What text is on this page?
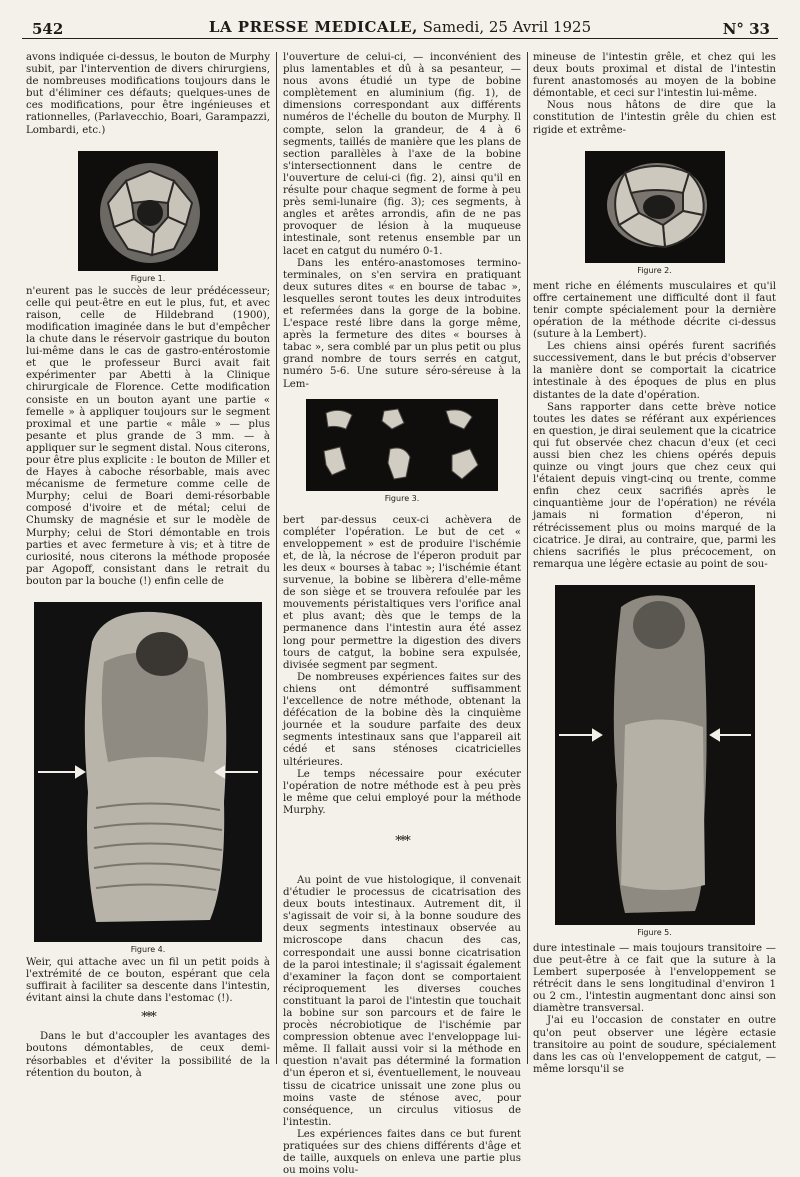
542	LA PRESSE MEDICALE, Samedi, 25 Avril 1925	N° 33

avons indiquée ci-dessus, le bouton de Murphy subit, par l'intervention de divers chirurgiens, de nombreuses modifications toujours dans le but d'éliminer ces défauts; quelques-unes de ces modifications, pour être ingénieuses et rationnelles, (Parlavecchio, Boari, Garampazzi, Lombardi, etc.)

Figure 1.

n'eurent pas le succès de leur prédécesseur; celle qui peut-être en eut le plus, fut, et avec raison, celle de Hildebrand (1900), modification imaginée dans le but d'empêcher la chute dans le réservoir gastrique du bouton lui-même dans le cas de gastro-entérostomie et que le professeur Burci avait fait expérimenter par Abetti à la Clinique chirurgicale de Florence. Cette modification consiste en un bouton ayant une partie « femelle » à appliquer toujours sur le segment proximal et une partie « mâle » — plus pesante et plus grande de 3 mm. — à appliquer sur le segment distal. Nous citerons, pour être plus explicite : le bouton de Miller et de Hayes à caboche résorbable, mais avec mécanisme de fermeture comme celle de Murphy; celui de Boari demi-résorbable composé d'ivoire et de métal; celui de Chumsky de magnésie et sur le modèle de Murphy; celui de Stori démontable en trois parties et avec fermeture à vis; et à titre de curiosité, nous citerons la méthode proposée par Agopoff, consistant dans le retrait du bouton par la bouche (!) enfin celle de

Figure 4.

Weir, qui attache avec un fil un petit poids à l'extrémité de ce bouton, espérant que cela suffirait à faciliter sa descente dans l'intestin, évitant ainsi la chute dans l'estomac (!).

***

Dans le but d'accoupler les avantages des boutons démontables, de ceux demi-résorbables et d'éviter la possibilité de la rétention du bouton, à

l'ouverture de celui-ci, — inconvénient des plus lamentables et dû à sa pesanteur, — nous avons étudié un type de bobine complètement en aluminium (fig. 1), de dimensions correspondant aux différents numéros de l'échelle du bouton de Murphy. Il compte, selon la grandeur, de 4 à 6 segments, taillés de manière que les plans de section parallèles à l'axe de la bobine s'intersectionnent dans le centre de l'ouverture de celui-ci (fig. 2), ainsi qu'il en résulte pour chaque segment de forme à peu près semi-lunaire (fig. 3); ces segments, à angles et arêtes arrondis, afin de ne pas provoquer de lésion à la muqueuse intestinale, sont retenus ensemble par un lacet en catgut du numéro 0-1.

Dans les entéro-anastomoses termino-terminales, on s'en servira en pratiquant deux sutures dites « en bourse de tabac », lesquelles seront toutes les deux introduites et refermées dans la gorge de la bobine. L'espace resté libre dans la gorge même, après la fermeture des dites « bourses à tabac », sera comblé par un plus petit ou plus grand nombre de tours serrés en catgut, numéro 5-6. Une suture séro-séreuse à la Lem-

Figure 3.

bert par-dessus ceux-ci achèvera de compléter l'opération. Le but de cet « enveloppement » est de produire l'ischémie et, de là, la nécrose de l'éperon produit par les deux « bourses à tabac »; l'ischémie étant survenue, la bobine se libèrera d'elle-même de son siège et se trouvera refoulée par les mouvements péristaltiques vers l'orifice anal et plus avant; dès que le temps de la permanence dans l'intestin aura été assez long pour permettre la digestion des divers tours de catgut, la bobine sera expulsée, divisée segment par segment.

De nombreuses expériences faites sur des chiens ont démontré suffisamment l'excellence de notre méthode, obtenant la défécation de la bobine dès la cinquième journée et la soudure parfaite des deux segments intestinaux sans que l'appareil ait cédé et sans sténoses cicatricielles ultérieures.

Le temps nécessaire pour exécuter l'opération de notre méthode est à peu près le même que celui employé pour la méthode Murphy.

***

Au point de vue histologique, il convenait d'étudier le processus de cicatrisation des deux bouts intestinaux. Autrement dit, il s'agissait de voir si, à la bonne soudure des deux segments intestinaux observée au microscope dans chacun des cas, correspondait une aussi bonne cicatrisation de la paroi intestinale; il s'agissait également d'examiner la façon dont se comportaient réciproquement les diverses couches constituant la paroi de l'intestin que touchait la bobine sur son parcours et de faire le procès nécrobiotique de l'ischémie par compression obtenue avec l'enveloppage lui-même. Il fallait aussi voir si la méthode en question n'avait pas déterminé la formation d'un éperon et si, éventuellement, le nouveau tissu de cicatrice unissait une zone plus ou moins vaste de sténose avec, pour conséquence, un circulus vitiosus de l'intestin.

Les expériences faites dans ce but furent pratiquées sur des chiens différents d'âge et de taille, auxquels on enleva une partie plus ou moins volu-

mineuse de l'intestin grêle, et chez qui les deux bouts proximal et distal de l'intestin furent anastomosés au moyen de la bobine démontable, et ceci sur l'intestin lui-même.

Nous nous hâtons de dire que la constitution de l'intestin grêle du chien est rigide et extrême-

Figure 2.

ment riche en éléments musculaires et qu'il offre certainement une difficulté dont il faut tenir compte spécialement pour la dernière opération de la méthode décrite ci-dessus (suture à la Lembert).

Les chiens ainsi opérés furent sacrifiés successivement, dans le but précis d'observer la manière dont se comportait la cicatrice intestinale à des époques de plus en plus distantes de la date d'opération.

Sans rapporter dans cette brève notice toutes les dates se référant aux expériences en question, je dirai seulement que la cicatrice qui fut observée chez chacun d'eux (et ceci aussi bien chez les chiens opérés depuis quinze ou vingt jours que chez ceux qui l'étaient depuis vingt-cinq ou trente, comme enfin chez ceux sacrifiés après le cinquantième jour de l'opération) ne révéla jamais ni formation d'éperon, ni rétrécissement plus ou moins marqué de la cicatrice. Je dirai, au contraire, que, parmi les chiens sacrifiés le plus précocement, on remarqua une légère ectasie au point de sou-

Figure 5.

dure intestinale — mais toujours transitoire — due peut-être à ce fait que la suture à la Lembert superposée à l'enveloppement se rétrécit dans le sens longitudinal d'environ 1 ou 2 cm., l'intestin augmentant donc ainsi son diamètre transversal.

J'ai eu l'occasion de constater en outre qu'on peut observer une légère ectasie transitoire au point de soudure, spécialement dans les cas où l'enveloppement de catgut, — même lorsqu'il se
